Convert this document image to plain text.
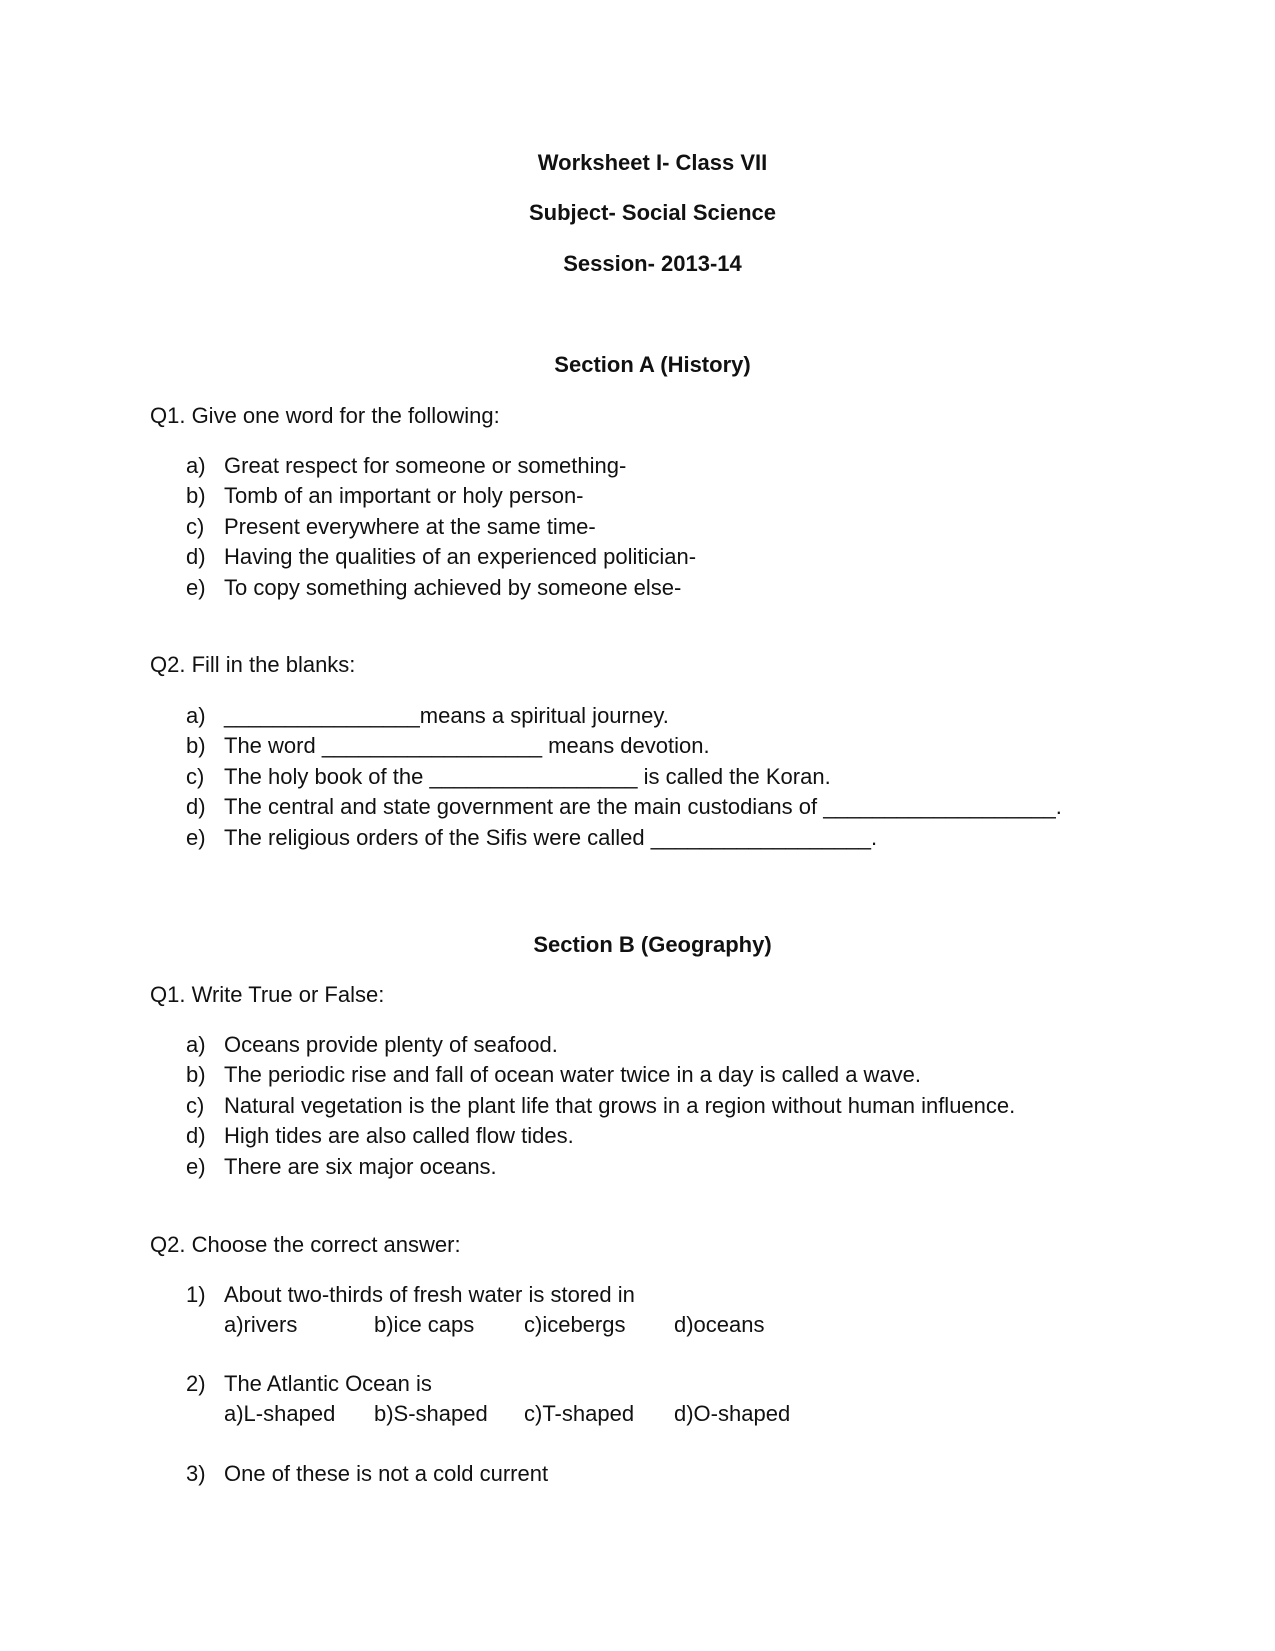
Worksheet I- Class VII
Subject- Social Science
Session- 2013-14
Section A (History)
Q1. Give one word for the following:
a) Great respect for someone or something-
b) Tomb of an important or holy person-
c) Present everywhere at the same time-
d) Having the qualities of an experienced politician-
e) To copy something achieved by someone else-
Q2. Fill in the blanks:
a) ________________means a spiritual journey.
b) The word __________________ means devotion.
c) The holy book of the _________________ is called the Koran.
d) The central and state government are the main custodians of ___________________.
e) The religious orders of the Sifis were called __________________.
Section B (Geography)
Q1. Write True or False:
a) Oceans provide plenty of seafood.
b) The periodic rise and fall of ocean water twice in a day is called a wave.
c) Natural vegetation is the plant life that grows in a region without human influence.
d) High tides are also called flow tides.
e) There are six major oceans.
Q2. Choose the correct answer:
1) About two-thirds of fresh water is stored in
a)rivers	b)ice caps c)icebergs d)oceans
2) The Atlantic Ocean is
a)L-shaped b)S-shaped c)T-shaped d)O-shaped
3) One of these is not a cold current
